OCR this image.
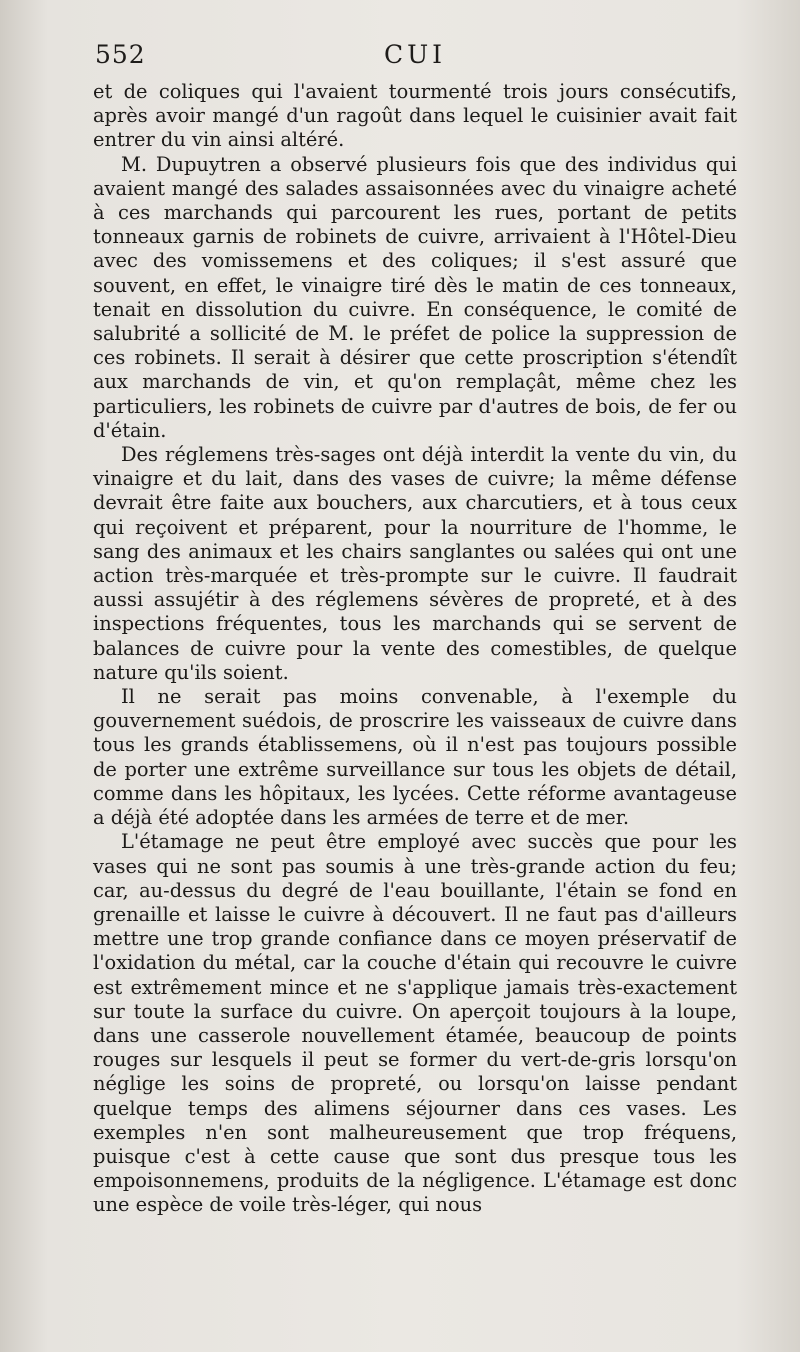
552	CUI

et de coliques qui l'avaient tourmenté trois jours consécutifs, après avoir mangé d'un ragoût dans lequel le cuisinier avait fait entrer du vin ainsi altéré.

M. Dupuytren a observé plusieurs fois que des individus qui avaient mangé des salades assaisonnées avec du vinaigre acheté à ces marchands qui parcourent les rues, portant de petits tonneaux garnis de robinets de cuivre, arrivaient à l'Hôtel-Dieu avec des vomissemens et des coliques; il s'est assuré que souvent, en effet, le vinaigre tiré dès le matin de ces tonneaux, tenait en dissolution du cuivre. En conséquence, le comité de salubrité a sollicité de M. le préfet de police la suppression de ces robinets. Il serait à désirer que cette proscription s'étendît aux marchands de vin, et qu'on remplaçât, même chez les particuliers, les robinets de cuivre par d'autres de bois, de fer ou d'étain.

Des réglemens très-sages ont déjà interdit la vente du vin, du vinaigre et du lait, dans des vases de cuivre; la même défense devrait être faite aux bouchers, aux charcutiers, et à tous ceux qui reçoivent et préparent, pour la nourriture de l'homme, le sang des animaux et les chairs sanglantes ou salées qui ont une action très-marquée et très-prompte sur le cuivre. Il faudrait aussi assujétir à des réglemens sévères de propreté, et à des inspections fréquentes, tous les marchands qui se servent de balances de cuivre pour la vente des comestibles, de quelque nature qu'ils soient.

Il ne serait pas moins convenable, à l'exemple du gouvernement suédois, de proscrire les vaisseaux de cuivre dans tous les grands établissemens, où il n'est pas toujours possible de porter une extrême surveillance sur tous les objets de détail, comme dans les hôpitaux, les lycées. Cette réforme avantageuse a déjà été adoptée dans les armées de terre et de mer.

L'étamage ne peut être employé avec succès que pour les vases qui ne sont pas soumis à une très-grande action du feu; car, au-dessus du degré de l'eau bouillante, l'étain se fond en grenaille et laisse le cuivre à découvert. Il ne faut pas d'ailleurs mettre une trop grande confiance dans ce moyen préservatif de l'oxidation du métal, car la couche d'étain qui recouvre le cuivre est extrêmement mince et ne s'applique jamais très-exactement sur toute la surface du cuivre. On aperçoit toujours à la loupe, dans une casserole nouvellement étamée, beaucoup de points rouges sur lesquels il peut se former du vert-de-gris lorsqu'on néglige les soins de propreté, ou lorsqu'on laisse pendant quelque temps des alimens séjourner dans ces vases. Les exemples n'en sont malheureusement que trop fréquens, puisque c'est à cette cause que sont dus presque tous les empoisonnemens, produits de la négligence. L'étamage est donc une espèce de voile très-léger, qui nous
